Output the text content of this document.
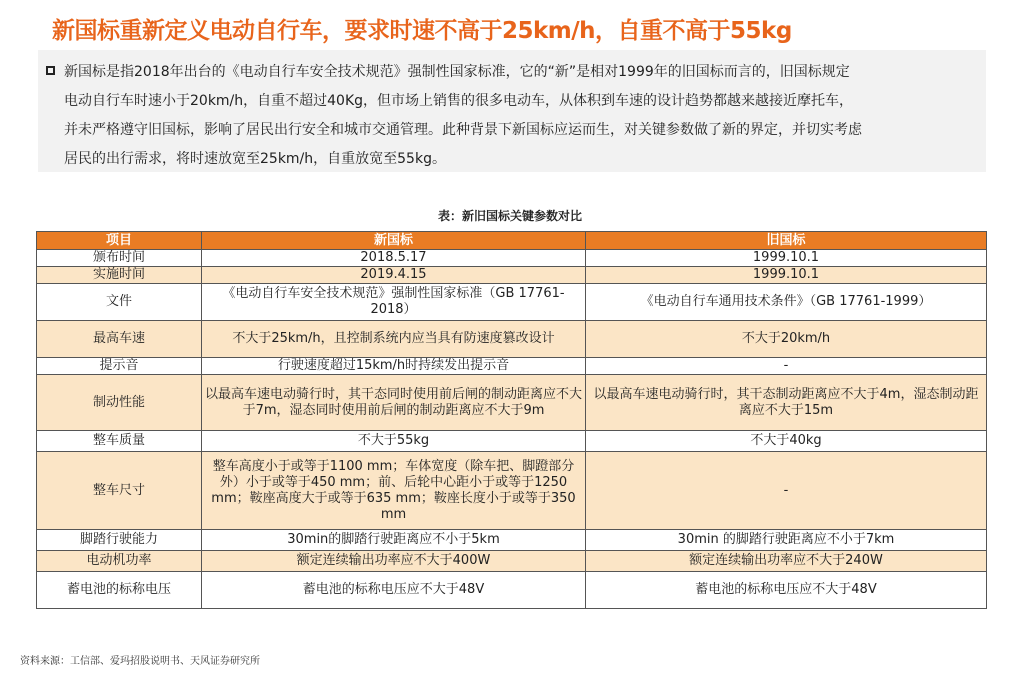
新国标重新定义电动自行车，要求时速不高于25km/h，自重不高于55kg
新国标是指2018年出台的《电动自行车安全技术规范》强制性国家标准，它的“新”是相对1999年的旧国标而言的，旧国标规定
电动自行车时速小于20km/h，自重不超过40Kg，但市场上销售的很多电动车，从体积到车速的设计趋势都越来越接近摩托车，
并未严格遵守旧国标，影响了居民出行安全和城市交通管理。此种背景下新国标应运而生，对关键参数做了新的界定，并切实考虑
居民的出行需求，将时速放宽至25km/h，自重放宽至55kg。
表：新旧国标关键参数对比
项目	新国标	旧国标
颁布时间	2018.5.17	1999.10.1
实施时间	2019.4.15	1999.10.1
文件	《电动自行车安全技术规范》强制性国家标准（GB 17761-2018）	《电动自行车通用技术条件》（GB 17761-1999）
最高车速	不大于25km/h，且控制系统内应当具有防速度篡改设计	不大于20km/h
提示音	行驶速度超过15km/h时持续发出提示音	-
制动性能	以最高车速电动骑行时，其干态同时使用前后闸的制动距离应不大于7m，湿态同时使用前后闸的制动距离应不大于9m	以最高车速电动骑行时，其干态制动距离应不大于4m，湿态制动距离应不大于15m
整车质量	不大于55kg	不大于40kg
整车尺寸	整车高度小于或等于1100 mm；车体宽度（除车把、脚蹬部分外）小于或等于450 mm；前、后轮中心距小于或等于1250 mm；鞍座高度大于或等于635 mm；鞍座长度小于或等于350 mm	-
脚踏行驶能力	30min的脚踏行驶距离应不小于5km	30min 的脚踏行驶距离应不小于7km
电动机功率	额定连续输出功率应不大于400W	额定连续输出功率应不大于240W
蓄电池的标称电压	蓄电池的标称电压应不大于48V	蓄电池的标称电压应不大于48V
资料来源：工信部、爱玛招股说明书、天风证券研究所
